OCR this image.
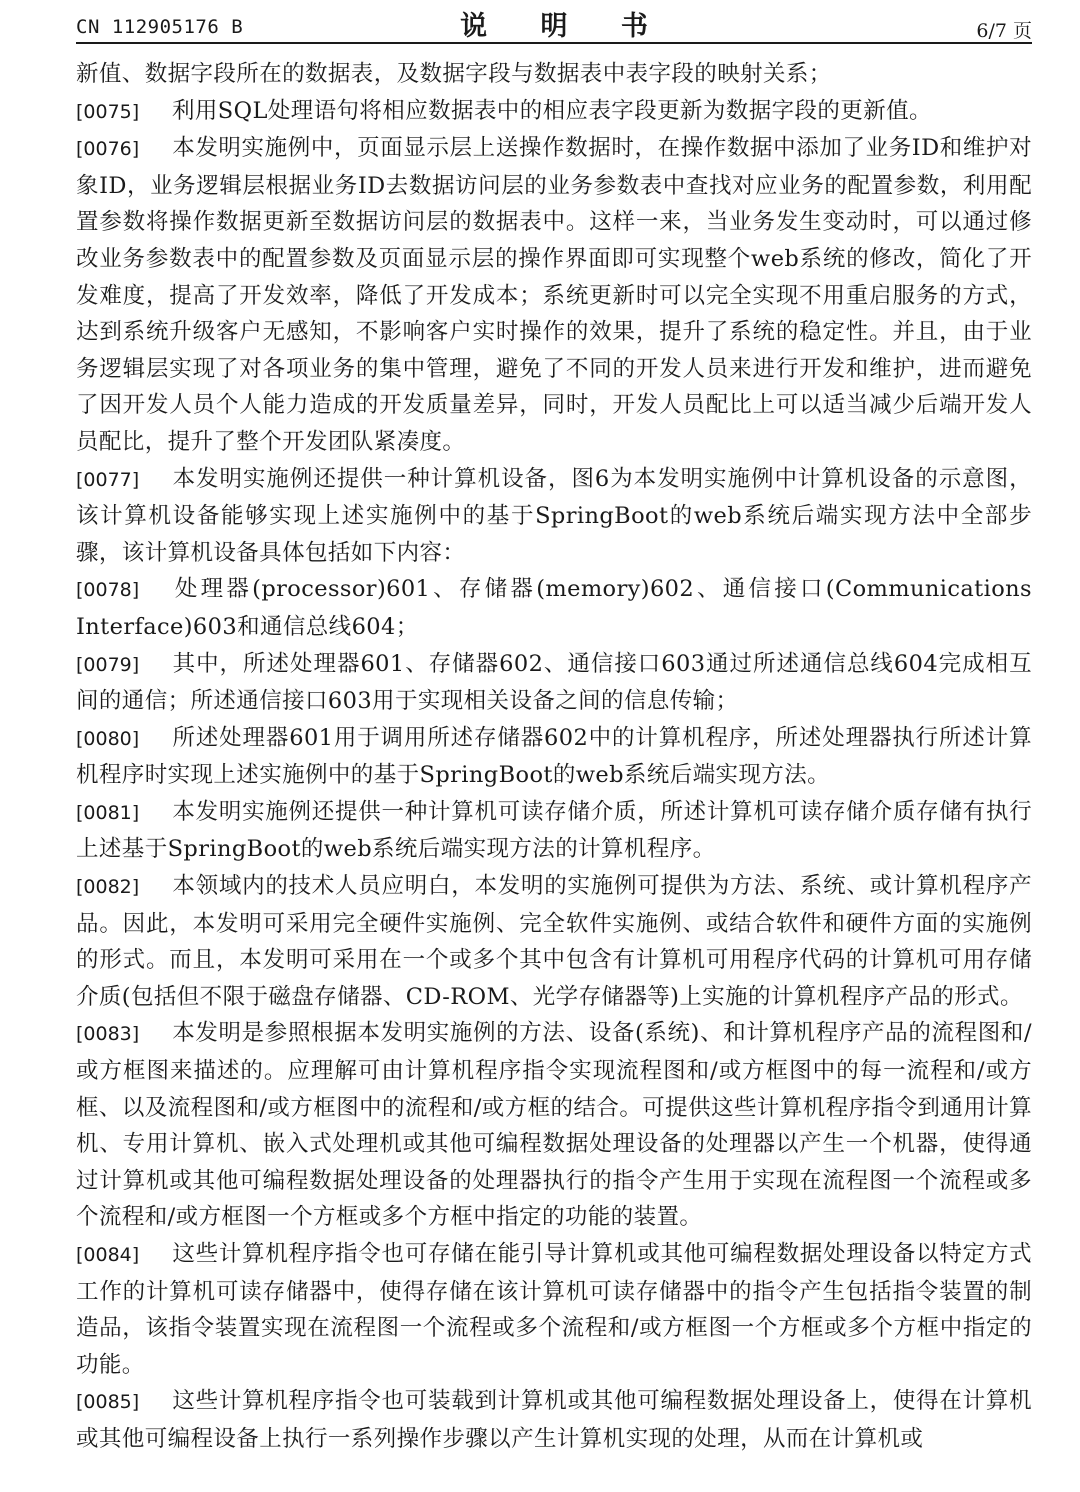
CN 112905176 B	说 明 书	6/7 页

新值、数据字段所在的数据表，及数据字段与数据表中表字段的映射关系；

[0075] 利用SQL处理语句将相应数据表中的相应表字段更新为数据字段的更新值。

[0076] 本发明实施例中，页面显示层上送操作数据时，在操作数据中添加了业务ID和维护对象ID，业务逻辑层根据业务ID去数据访问层的业务参数表中查找对应业务的配置参数，利用配置参数将操作数据更新至数据访问层的数据表中。这样一来，当业务发生变动时，可以通过修改业务参数表中的配置参数及页面显示层的操作界面即可实现整个web系统的修改，简化了开发难度，提高了开发效率，降低了开发成本；系统更新时可以完全实现不用重启服务的方式，达到系统升级客户无感知，不影响客户实时操作的效果，提升了系统的稳定性。并且，由于业务逻辑层实现了对各项业务的集中管理，避免了不同的开发人员来进行开发和维护，进而避免了因开发人员个人能力造成的开发质量差异，同时，开发人员配比上可以适当减少后端开发人员配比，提升了整个开发团队紧凑度。

[0077] 本发明实施例还提供一种计算机设备，图6为本发明实施例中计算机设备的示意图，该计算机设备能够实现上述实施例中的基于SpringBoot的web系统后端实现方法中全部步骤，该计算机设备具体包括如下内容：

[0078] 处理器(processor)601、存储器(memory)602、通信接口(Communications Interface)603和通信总线604；

[0079] 其中，所述处理器601、存储器602、通信接口603通过所述通信总线604完成相互间的通信；所述通信接口603用于实现相关设备之间的信息传输；

[0080] 所述处理器601用于调用所述存储器602中的计算机程序，所述处理器执行所述计算机程序时实现上述实施例中的基于SpringBoot的web系统后端实现方法。

[0081] 本发明实施例还提供一种计算机可读存储介质，所述计算机可读存储介质存储有执行上述基于SpringBoot的web系统后端实现方法的计算机程序。

[0082] 本领域内的技术人员应明白，本发明的实施例可提供为方法、系统、或计算机程序产品。因此，本发明可采用完全硬件实施例、完全软件实施例、或结合软件和硬件方面的实施例的形式。而且，本发明可采用在一个或多个其中包含有计算机可用程序代码的计算机可用存储介质(包括但不限于磁盘存储器、CD-ROM、光学存储器等)上实施的计算机程序产品的形式。

[0083] 本发明是参照根据本发明实施例的方法、设备(系统)、和计算机程序产品的流程图和/或方框图来描述的。应理解可由计算机程序指令实现流程图和/或方框图中的每一流程和/或方框、以及流程图和/或方框图中的流程和/或方框的结合。可提供这些计算机程序指令到通用计算机、专用计算机、嵌入式处理机或其他可编程数据处理设备的处理器以产生一个机器，使得通过计算机或其他可编程数据处理设备的处理器执行的指令产生用于实现在流程图一个流程或多个流程和/或方框图一个方框或多个方框中指定的功能的装置。

[0084] 这些计算机程序指令也可存储在能引导计算机或其他可编程数据处理设备以特定方式工作的计算机可读存储器中，使得存储在该计算机可读存储器中的指令产生包括指令装置的制造品，该指令装置实现在流程图一个流程或多个流程和/或方框图一个方框或多个方框中指定的功能。

[0085] 这些计算机程序指令也可装载到计算机或其他可编程数据处理设备上，使得在计算机或其他可编程设备上执行一系列操作步骤以产生计算机实现的处理，从而在计算机或
